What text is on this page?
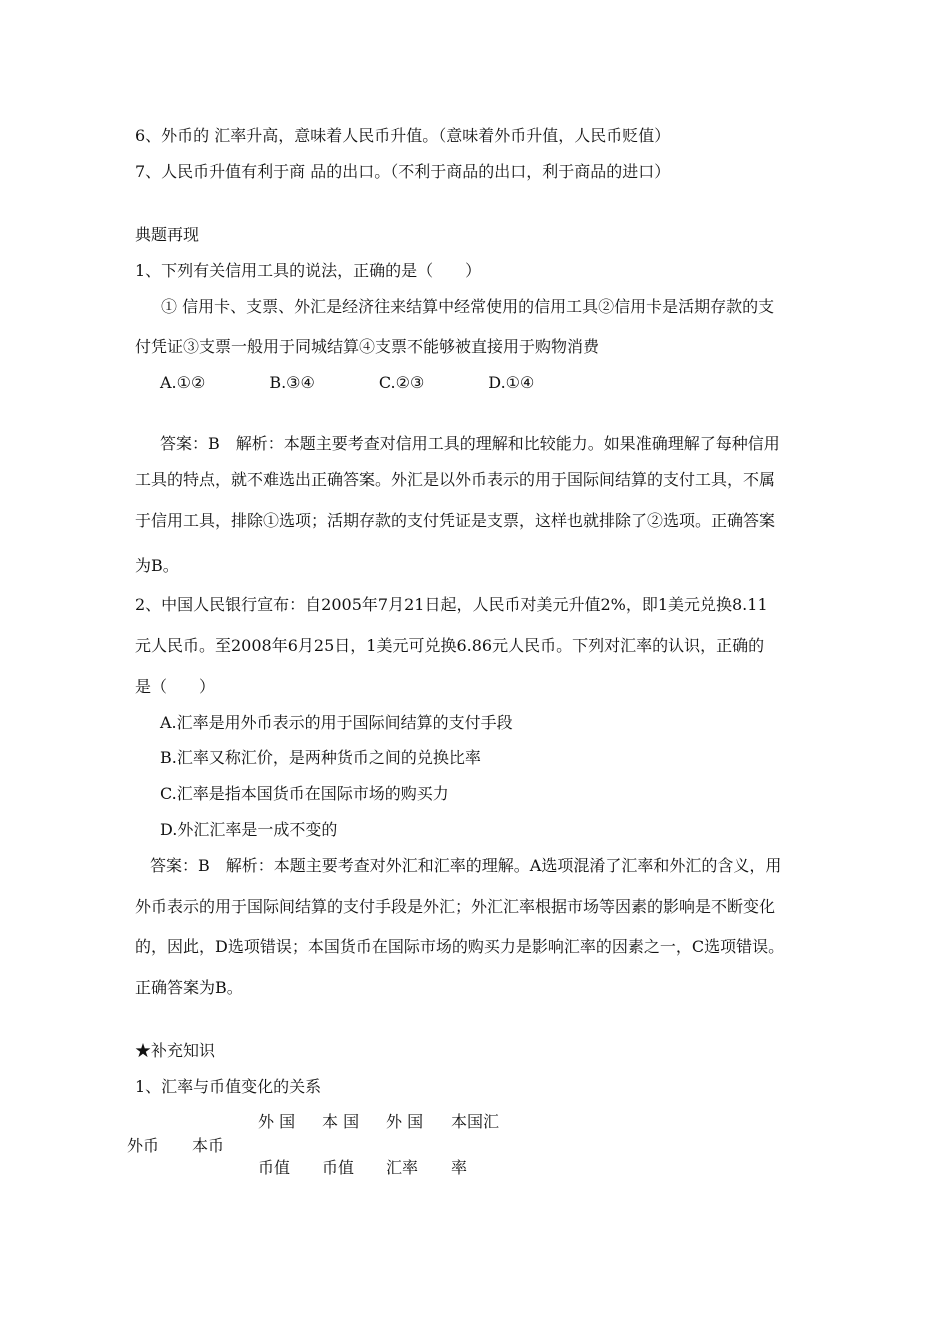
6、外币的 汇率升高，意味着人民币升值。（意味着外币升值，人民币贬值）
7、人民币升值有利于商 品的出口。（不利于商品的出口，利于商品的进口）
典题再现
1、下列有关信用工具的说法，正确的是（　　）
① 信用卡、支票、外汇是经济往来结算中经常使用的信用工具②信用卡是活期存款的支
付凭证③支票一般用于同城结算④支票不能够被直接用于购物消费
A.①②　　　　B.③④　　　　C.②③　　　　D.①④
答案：B　解析：本题主要考查对信用工具的理解和比较能力。如果准确理解了每种信用
工具的特点，就不难选出正确答案。外汇是以外币表示的用于国际间结算的支付工具，不属
于信用工具，排除①选项；活期存款的支付凭证是支票，这样也就排除了②选项。正确答案
为B。
2、中国人民银行宣布：自2005年7月21日起，人民币对美元升值2%，即1美元兑换8.11
元人民币。至2008年6月25日，1美元可兑换6.86元人民币。下列对汇率的认识，正确的
是（　　）
A.汇率是用外币表示的用于国际间结算的支付手段
B.汇率又称汇价，是两种货币之间的兑换比率
C.汇率是指本国货币在国际市场的购买力
D.外汇汇率是一成不变的
答案：B　解析：本题主要考查对外汇和汇率的理解。A选项混淆了汇率和外汇的含义，用
外币表示的用于国际间结算的支付手段是外汇；外汇汇率根据市场等因素的影响是不断变化
的，因此，D选项错误；本国货币在国际市场的购买力是影响汇率的因素之一，C选项错误。
正确答案为B。
★补充知识
1、汇率与币值变化的关系
外币 本币
外 国
币值
本 国
币值
外 国
汇率
本国汇
率
